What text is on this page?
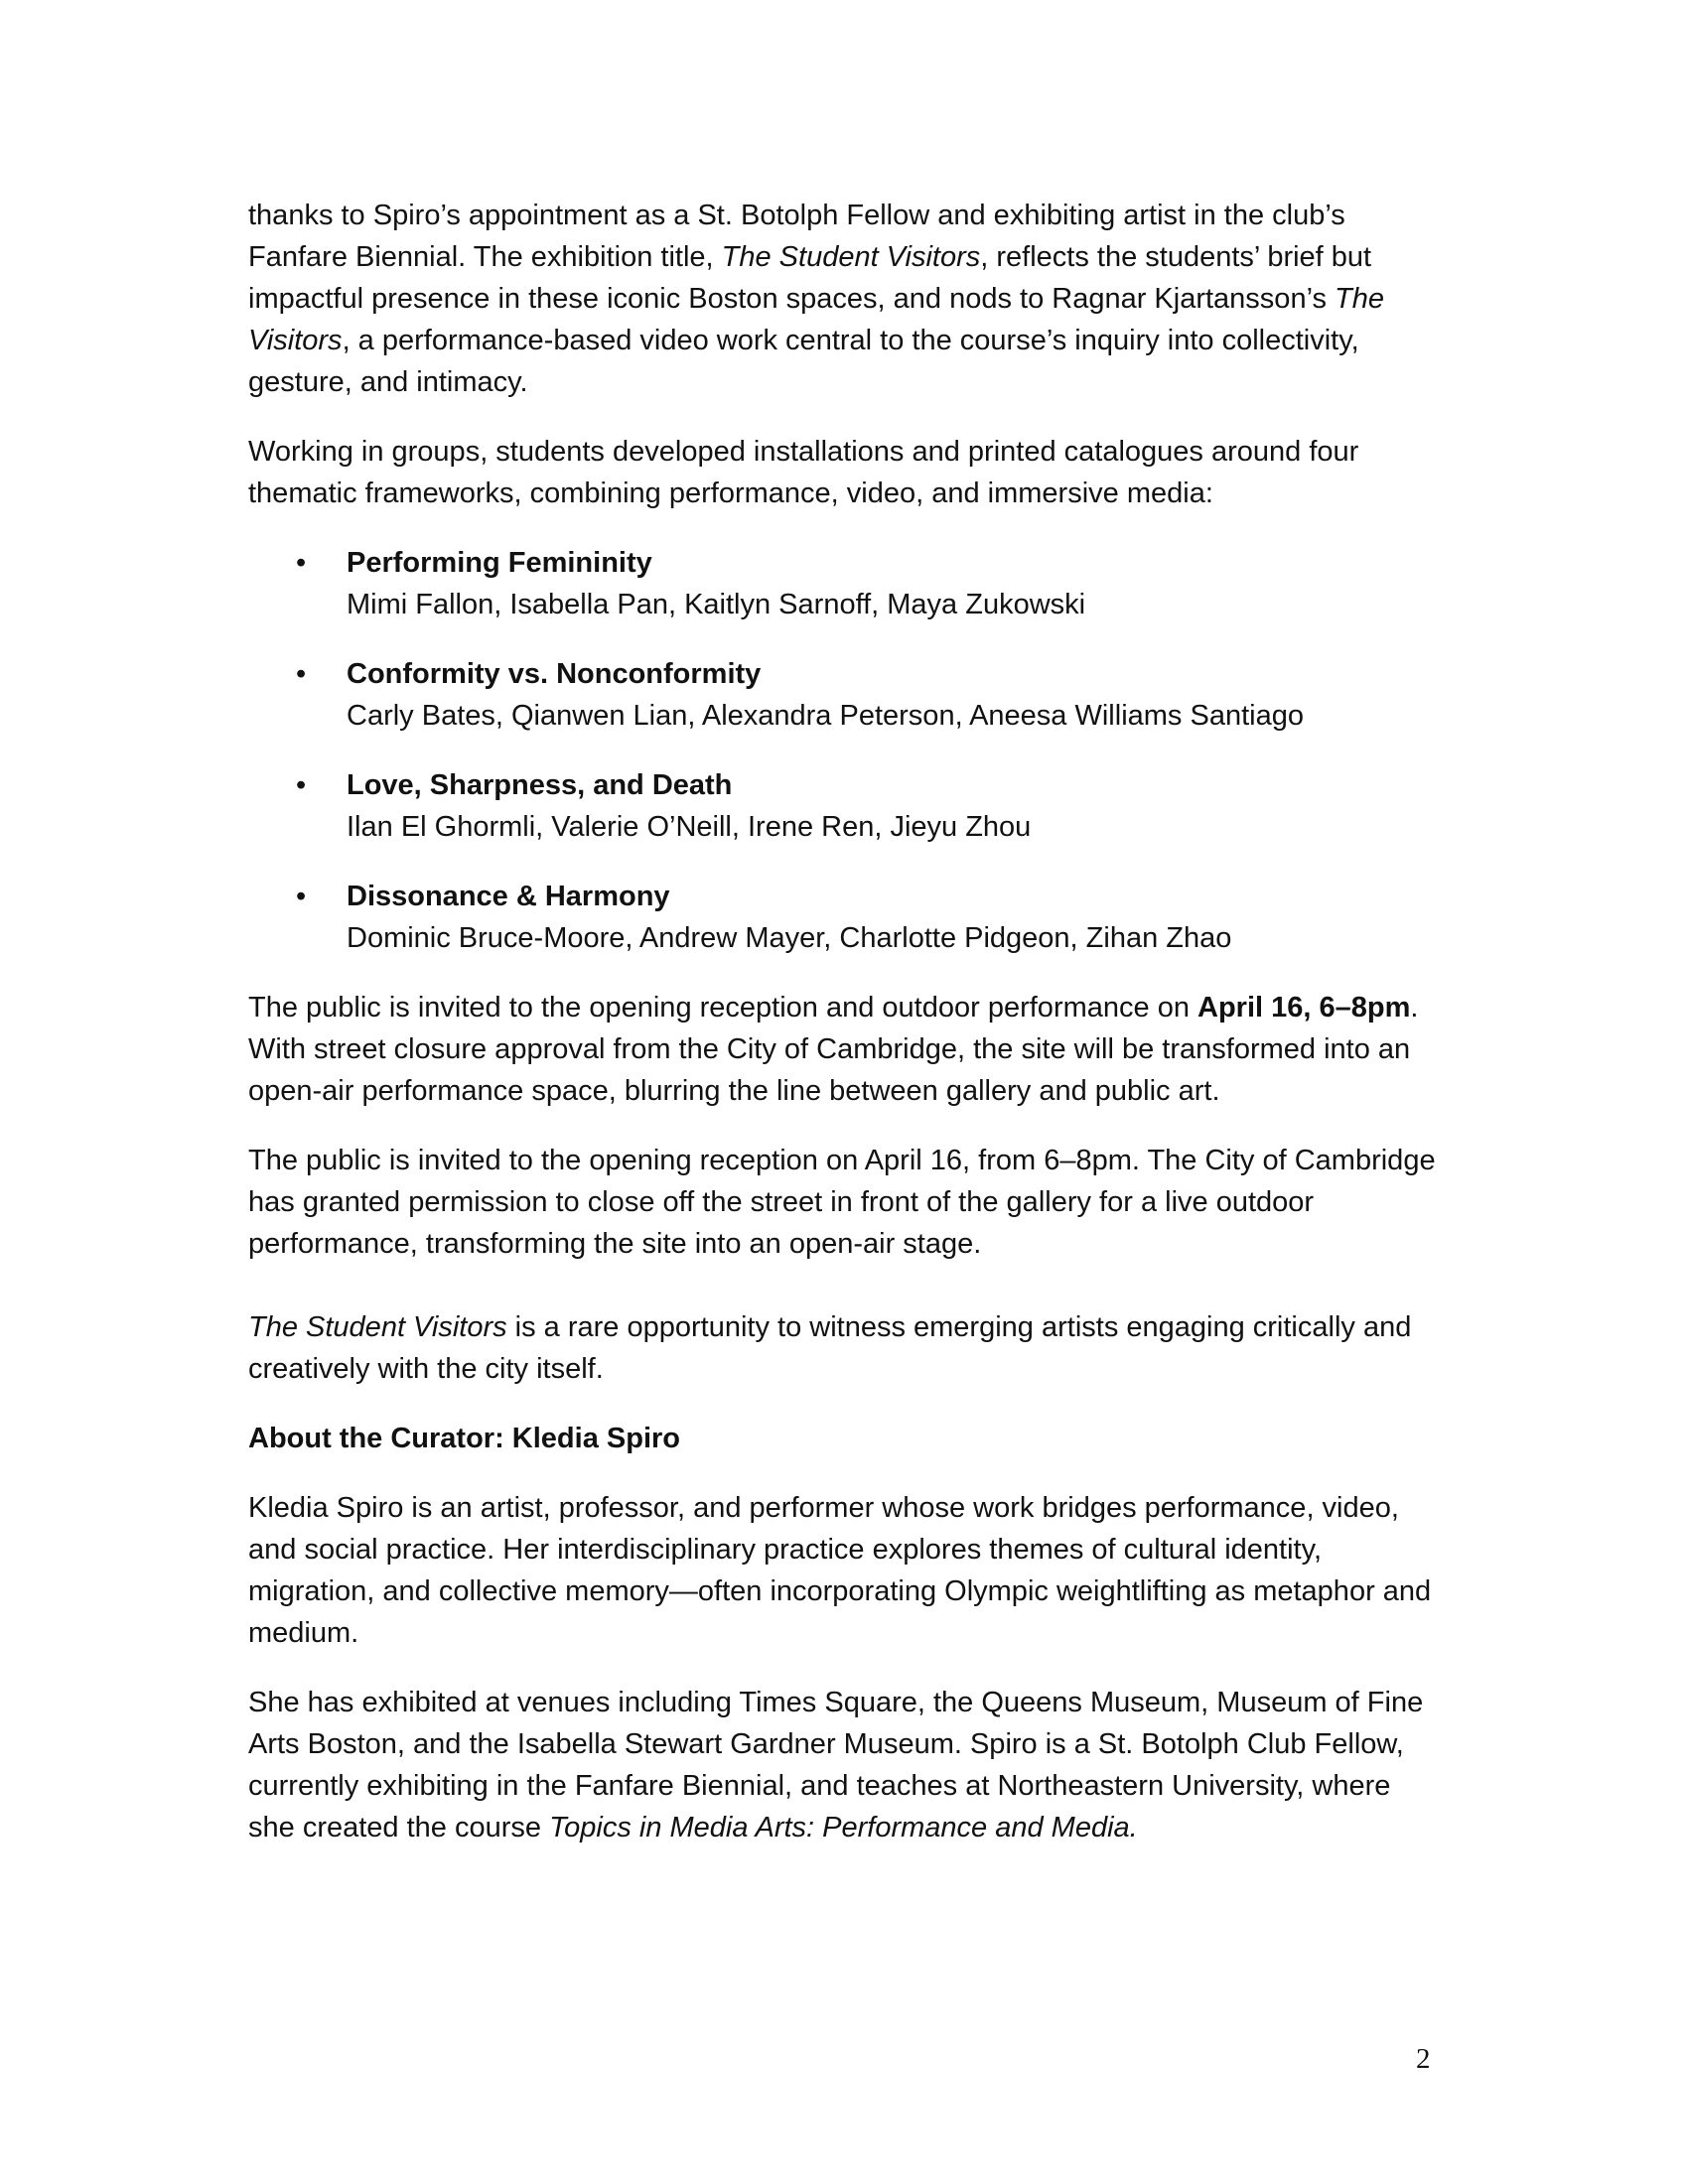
thanks to Spiro’s appointment as a St. Botolph Fellow and exhibiting artist in the club’s Fanfare Biennial. The exhibition title, The Student Visitors, reflects the students’ brief but impactful presence in these iconic Boston spaces, and nods to Ragnar Kjartansson’s The Visitors, a performance-based video work central to the course’s inquiry into collectivity, gesture, and intimacy.

Working in groups, students developed installations and printed catalogues around four thematic frameworks, combining performance, video, and immersive media:

• Performing Femininity
Mimi Fallon, Isabella Pan, Kaitlyn Sarnoff, Maya Zukowski
• Conformity vs. Nonconformity
Carly Bates, Qianwen Lian, Alexandra Peterson, Aneesa Williams Santiago
• Love, Sharpness, and Death
Ilan El Ghormli, Valerie O’Neill, Irene Ren, Jieyu Zhou
• Dissonance & Harmony
Dominic Bruce-Moore, Andrew Mayer, Charlotte Pidgeon, Zihan Zhao

The public is invited to the opening reception and outdoor performance on April 16, 6–8pm. With street closure approval from the City of Cambridge, the site will be transformed into an open-air performance space, blurring the line between gallery and public art.

The public is invited to the opening reception on April 16, from 6–8pm. The City of Cambridge has granted permission to close off the street in front of the gallery for a live outdoor performance, transforming the site into an open-air stage.

The Student Visitors is a rare opportunity to witness emerging artists engaging critically and creatively with the city itself.

About the Curator: Kledia Spiro

Kledia Spiro is an artist, professor, and performer whose work bridges performance, video, and social practice. Her interdisciplinary practice explores themes of cultural identity, migration, and collective memory—often incorporating Olympic weightlifting as metaphor and medium.

She has exhibited at venues including Times Square, the Queens Museum, Museum of Fine Arts Boston, and the Isabella Stewart Gardner Museum. Spiro is a St. Botolph Club Fellow, currently exhibiting in the Fanfare Biennial, and teaches at Northeastern University, where she created the course Topics in Media Arts: Performance and Media.

2
